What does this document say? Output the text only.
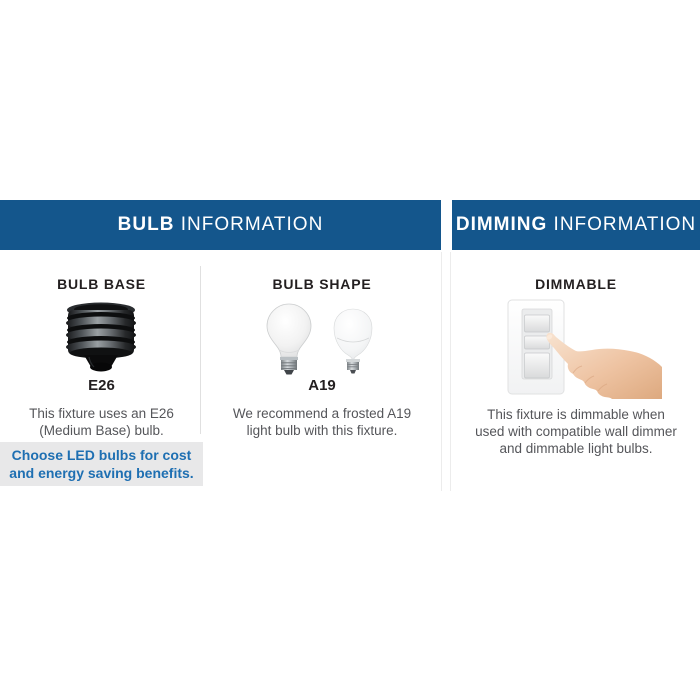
BULB INFORMATION	DIMMING INFORMATION
BULB BASE
E26
This fixture uses an E26
(Medium Base) bulb.
Choose LED bulbs for cost
and energy saving benefits.
BULB SHAPE
A19
We recommend a frosted A19
light bulb with this fixture.
DIMMABLE
This fixture is dimmable when
used with compatible wall dimmer
and dimmable light bulbs.
